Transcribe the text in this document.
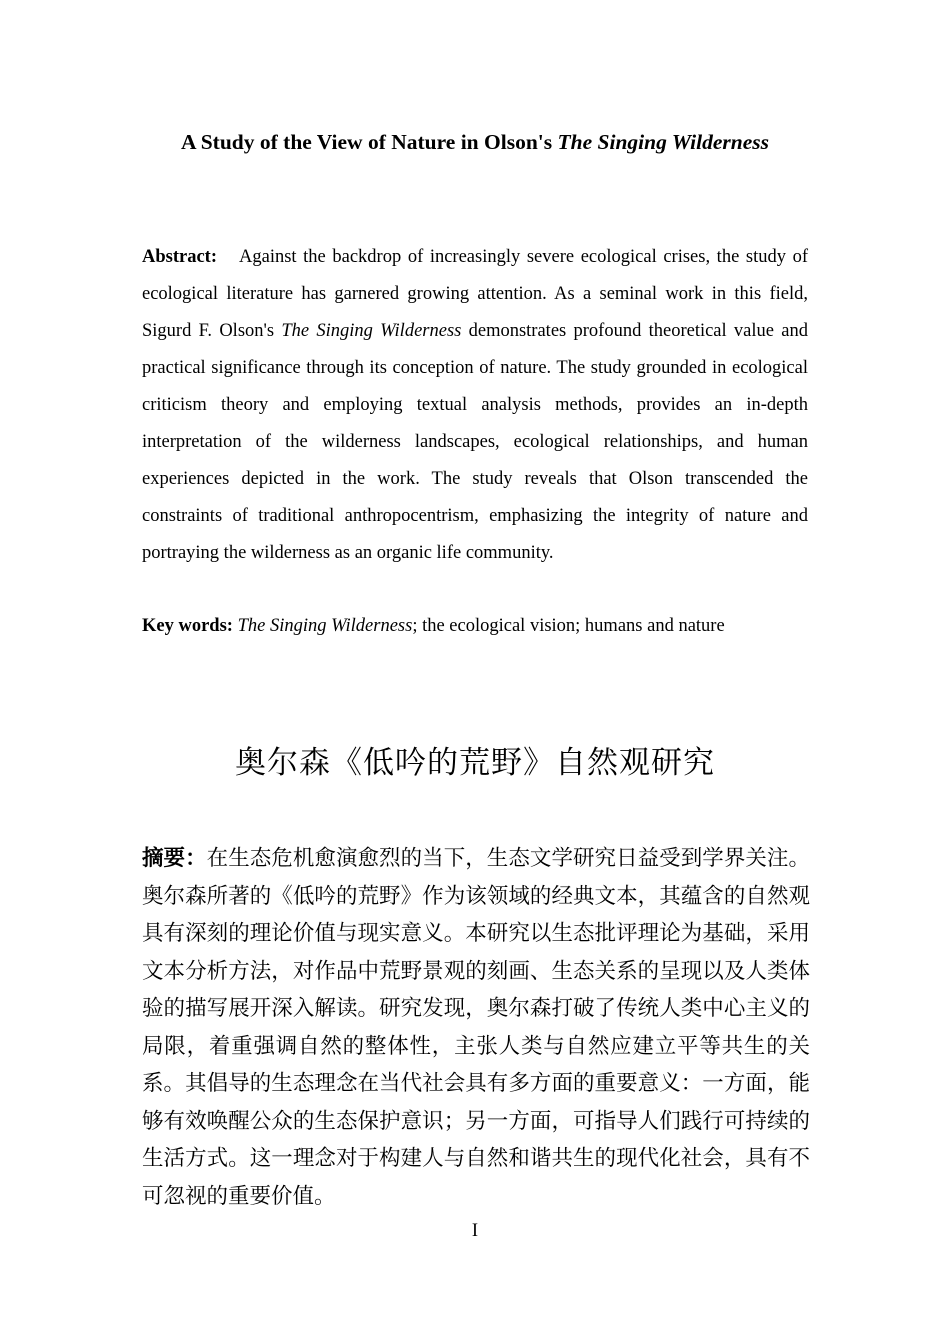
A Study of the View of Nature in Olson's The Singing Wilderness
Abstract: Against the backdrop of increasingly severe ecological crises, the study of ecological literature has garnered growing attention. As a seminal work in this field, Sigurd F. Olson's The Singing Wilderness demonstrates profound theoretical value and practical significance through its conception of nature. The study grounded in ecological criticism theory and employing textual analysis methods, provides an in-depth interpretation of the wilderness landscapes, ecological relationships, and human experiences depicted in the work. The study reveals that Olson transcended the constraints of traditional anthropocentrism, emphasizing the integrity of nature and portraying the wilderness as an organic life community.
Key words: The Singing Wilderness; the ecological vision; humans and nature
奥尔森《低吟的荒野》自然观研究
摘要：在生态危机愈演愈烈的当下，生态文学研究日益受到学界关注。奥尔森所著的《低吟的荒野》作为该领域的经典文本，其蕴含的自然观具有深刻的理论价值与现实意义。本研究以生态批评理论为基础，采用文本分析方法，对作品中荒野景观的刻画、生态关系的呈现以及人类体验的描写展开深入解读。研究发现，奥尔森打破了传统人类中心主义的局限，着重强调自然的整体性，主张人类与自然应建立平等共生的关系。其倡导的生态理念在当代社会具有多方面的重要意义：一方面，能够有效唤醒公众的生态保护意识；另一方面，可指导人们践行可持续的生活方式。这一理念对于构建人与自然和谐共生的现代化社会，具有不可忽视的重要价值。
I
